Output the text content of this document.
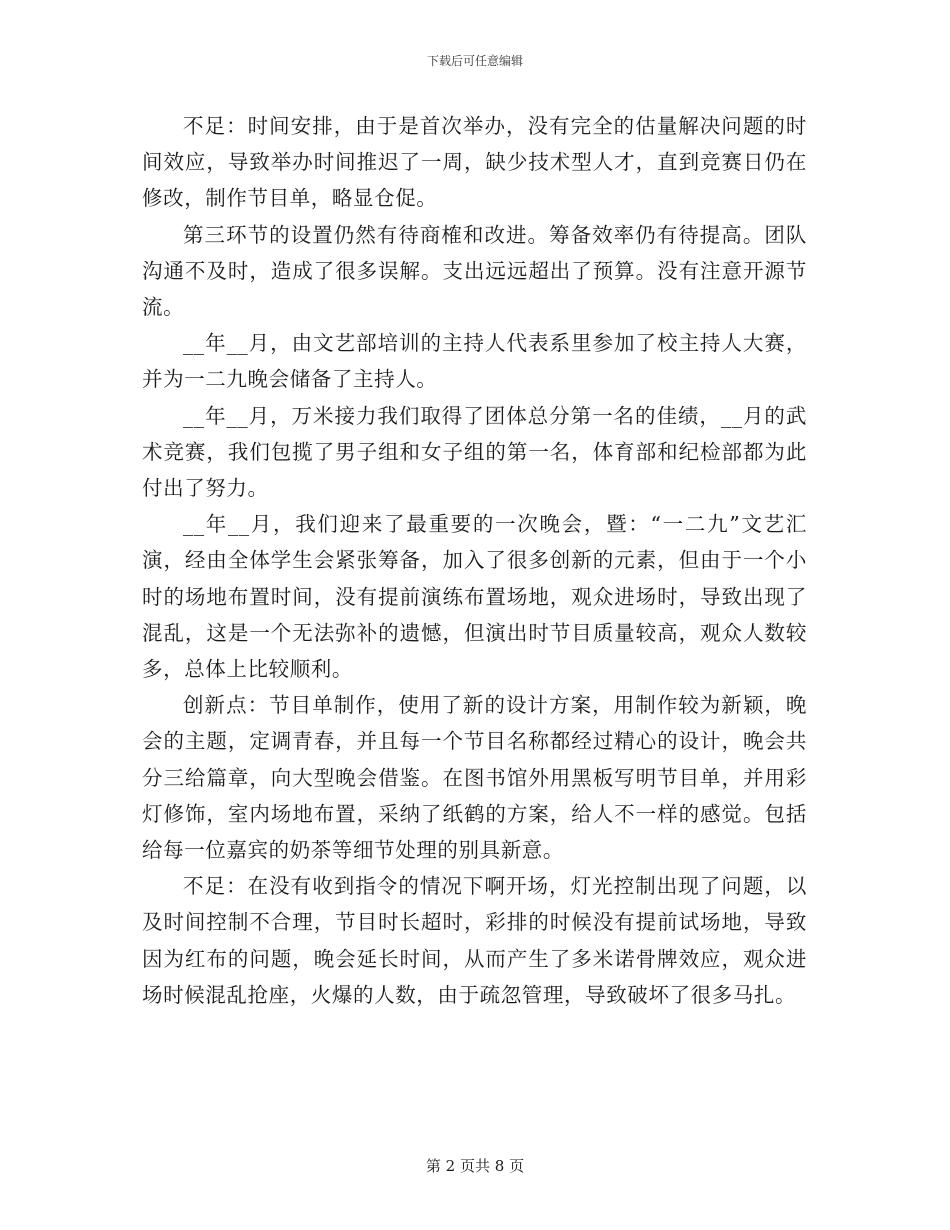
下载后可任意编辑

不足：时间安排，由于是首次举办，没有完全的估量解决问题的时间效应，导致举办时间推迟了一周，缺少技术型人才，直到竞赛日仍在修改，制作节目单，略显仓促。

第三环节的设置仍然有待商榷和改进。筹备效率仍有待提高。团队沟通不及时，造成了很多误解。支出远远超出了预算。没有注意开源节流。

__年__月，由文艺部培训的主持人代表系里参加了校主持人大赛，并为一二九晚会储备了主持人。

__年__月，万米接力我们取得了团体总分第一名的佳绩，__月的武术竞赛，我们包揽了男子组和女子组的第一名，体育部和纪检部都为此付出了努力。

__年__月，我们迎来了最重要的一次晚会，暨：“一二九”文艺汇演，经由全体学生会紧张筹备，加入了很多创新的元素，但由于一个小时的场地布置时间，没有提前演练布置场地，观众进场时，导致出现了混乱，这是一个无法弥补的遗憾，但演出时节目质量较高，观众人数较多，总体上比较顺利。

创新点：节目单制作，使用了新的设计方案，用制作较为新颖，晚会的主题，定调青春，并且每一个节目名称都经过精心的设计，晚会共分三给篇章，向大型晚会借鉴。在图书馆外用黑板写明节目单，并用彩灯修饰，室内场地布置，采纳了纸鹤的方案，给人不一样的感觉。包括给每一位嘉宾的奶茶等细节处理的别具新意。

不足：在没有收到指令的情况下啊开场，灯光控制出现了问题，以及时间控制不合理，节目时长超时，彩排的时候没有提前试场地，导致因为红布的问题，晚会延长时间，从而产生了多米诺骨牌效应，观众进场时候混乱抢座，火爆的人数，由于疏忽管理，导致破坏了很多马扎。

第 2 页共 8 页
